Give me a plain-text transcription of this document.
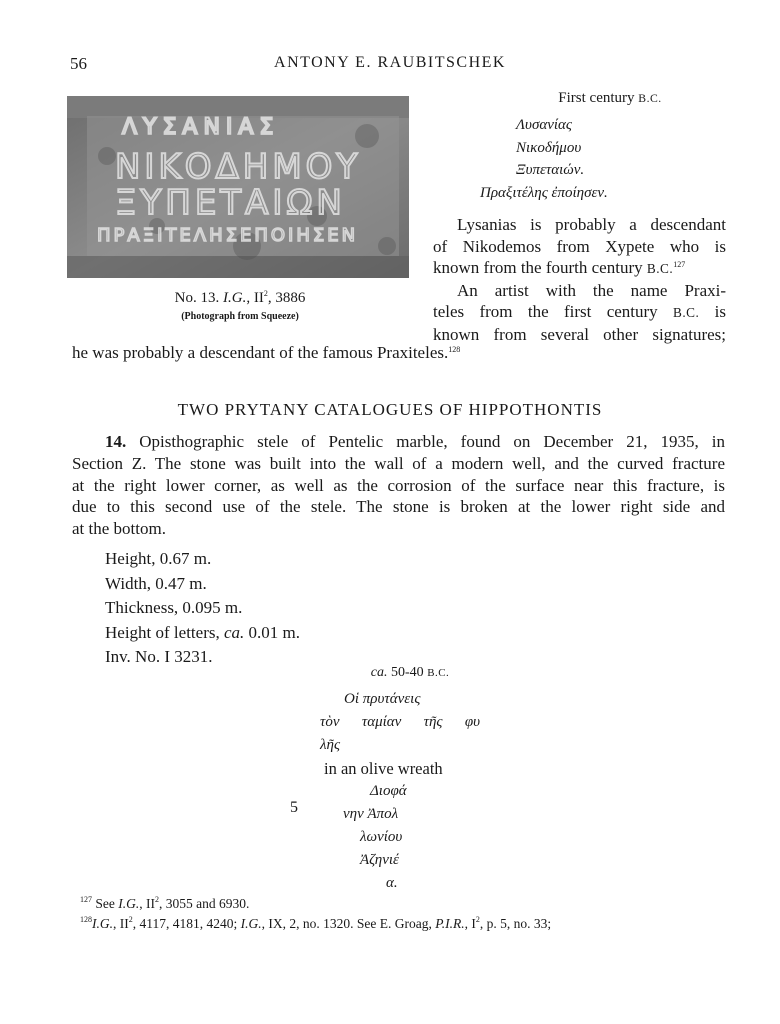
56	ANTONY E. RAUBITSCHEK
ΛΥΣΑΝΙΑΣ
ΝΙΚΟΔΗΜΟΥ
ΞΥΠΕΤΑΙΩΝ
ΠΡΑΞΙΤΕΛΗΣΕΠΟΙΗΣΕΝ
No. 13. I.G., $II^2$, 3886
(Photograph from Squeeze)
First century B.C.
Λυσανίας
Νικοδήμου
Ξυπεταιών.
Πραξιτέλης ἐποίησεν.
Lysanias is probably a descendant
of Nikodemos from Xypete who is
known from the fourth century B.C.$^{127}$
An artist with the name Praxi-
teles from the first century B.C. is
known from several other signatures;
he was probably a descendant of the famous Praxiteles.$^{128}$
TWO PRYTANY CATALOGUES OF HIPPOTHONTIS
14. Opisthographic stele of Pentelic marble, found on December 21, 1935, in
Section Z. The stone was built into the wall of a modern well, and the curved fracture
at the right lower corner, as well as the corrosion of the surface near this fracture, is
due to this second use of the stele. The stone is broken at the lower right side and
at the bottom.
Height, 0.67 m.
Width, 0.47 m.
Thickness, 0.095 m.
Height of letters, ca. 0.01 m.
Inv. No. I 3231.
ca. 50-40 B.C.
Οἱ πρυτάνεις
τὸν ταμίαν τῆς φυ
λῆς
in an olive wreath
Διοφά
νην Ἀπολ
λωνίου
Ἀζηνιέ
α.
5
$^{127}$ See I.G., $II^2$, 3055 and 6930.
$^{128}$I.G., $II^2$, 4117, 4181, 4240; I.G., IX, 2, no. 1320. See E. Groag, P.I.R., $I^2$, p. 5, no. 33;
